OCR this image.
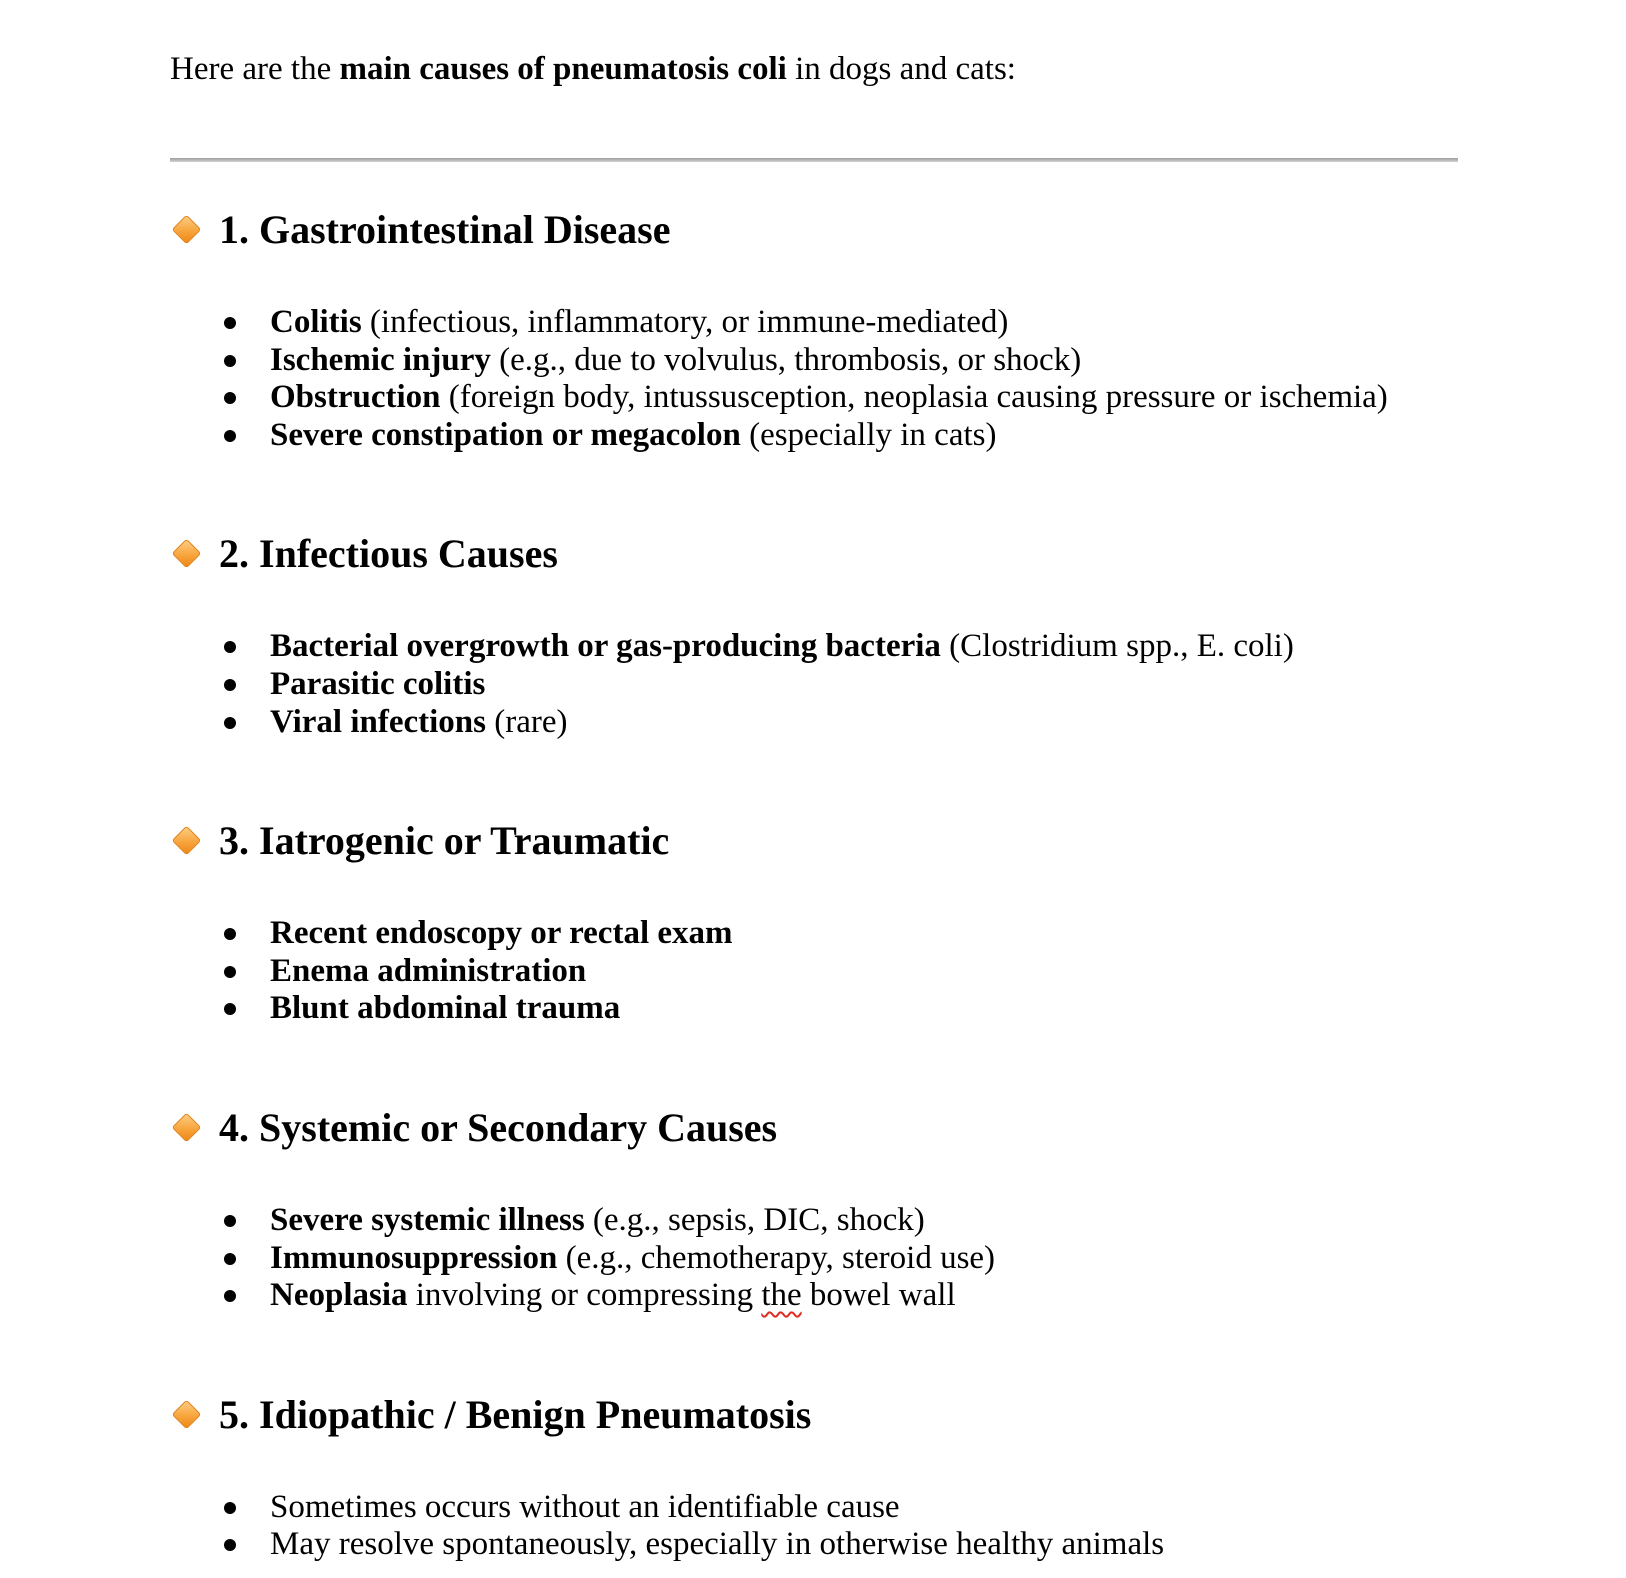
Here are the main causes of pneumatosis coli in dogs and cats:

1. Gastrointestinal Disease
Colitis (infectious, inflammatory, or immune-mediated)
Ischemic injury (e.g., due to volvulus, thrombosis, or shock)
Obstruction (foreign body, intussusception, neoplasia causing pressure or ischemia)
Severe constipation or megacolon (especially in cats)
2. Infectious Causes
Bacterial overgrowth or gas-producing bacteria (Clostridium spp., E. coli)
Parasitic colitis
Viral infections (rare)
3. Iatrogenic or Traumatic
Recent endoscopy or rectal exam
Enema administration
Blunt abdominal trauma
4. Systemic or Secondary Causes
Severe systemic illness (e.g., sepsis, DIC, shock)
Immunosuppression (e.g., chemotherapy, steroid use)
Neoplasia involving or compressing the bowel wall
5. Idiopathic / Benign Pneumatosis
Sometimes occurs without an identifiable cause
May resolve spontaneously, especially in otherwise healthy animals
